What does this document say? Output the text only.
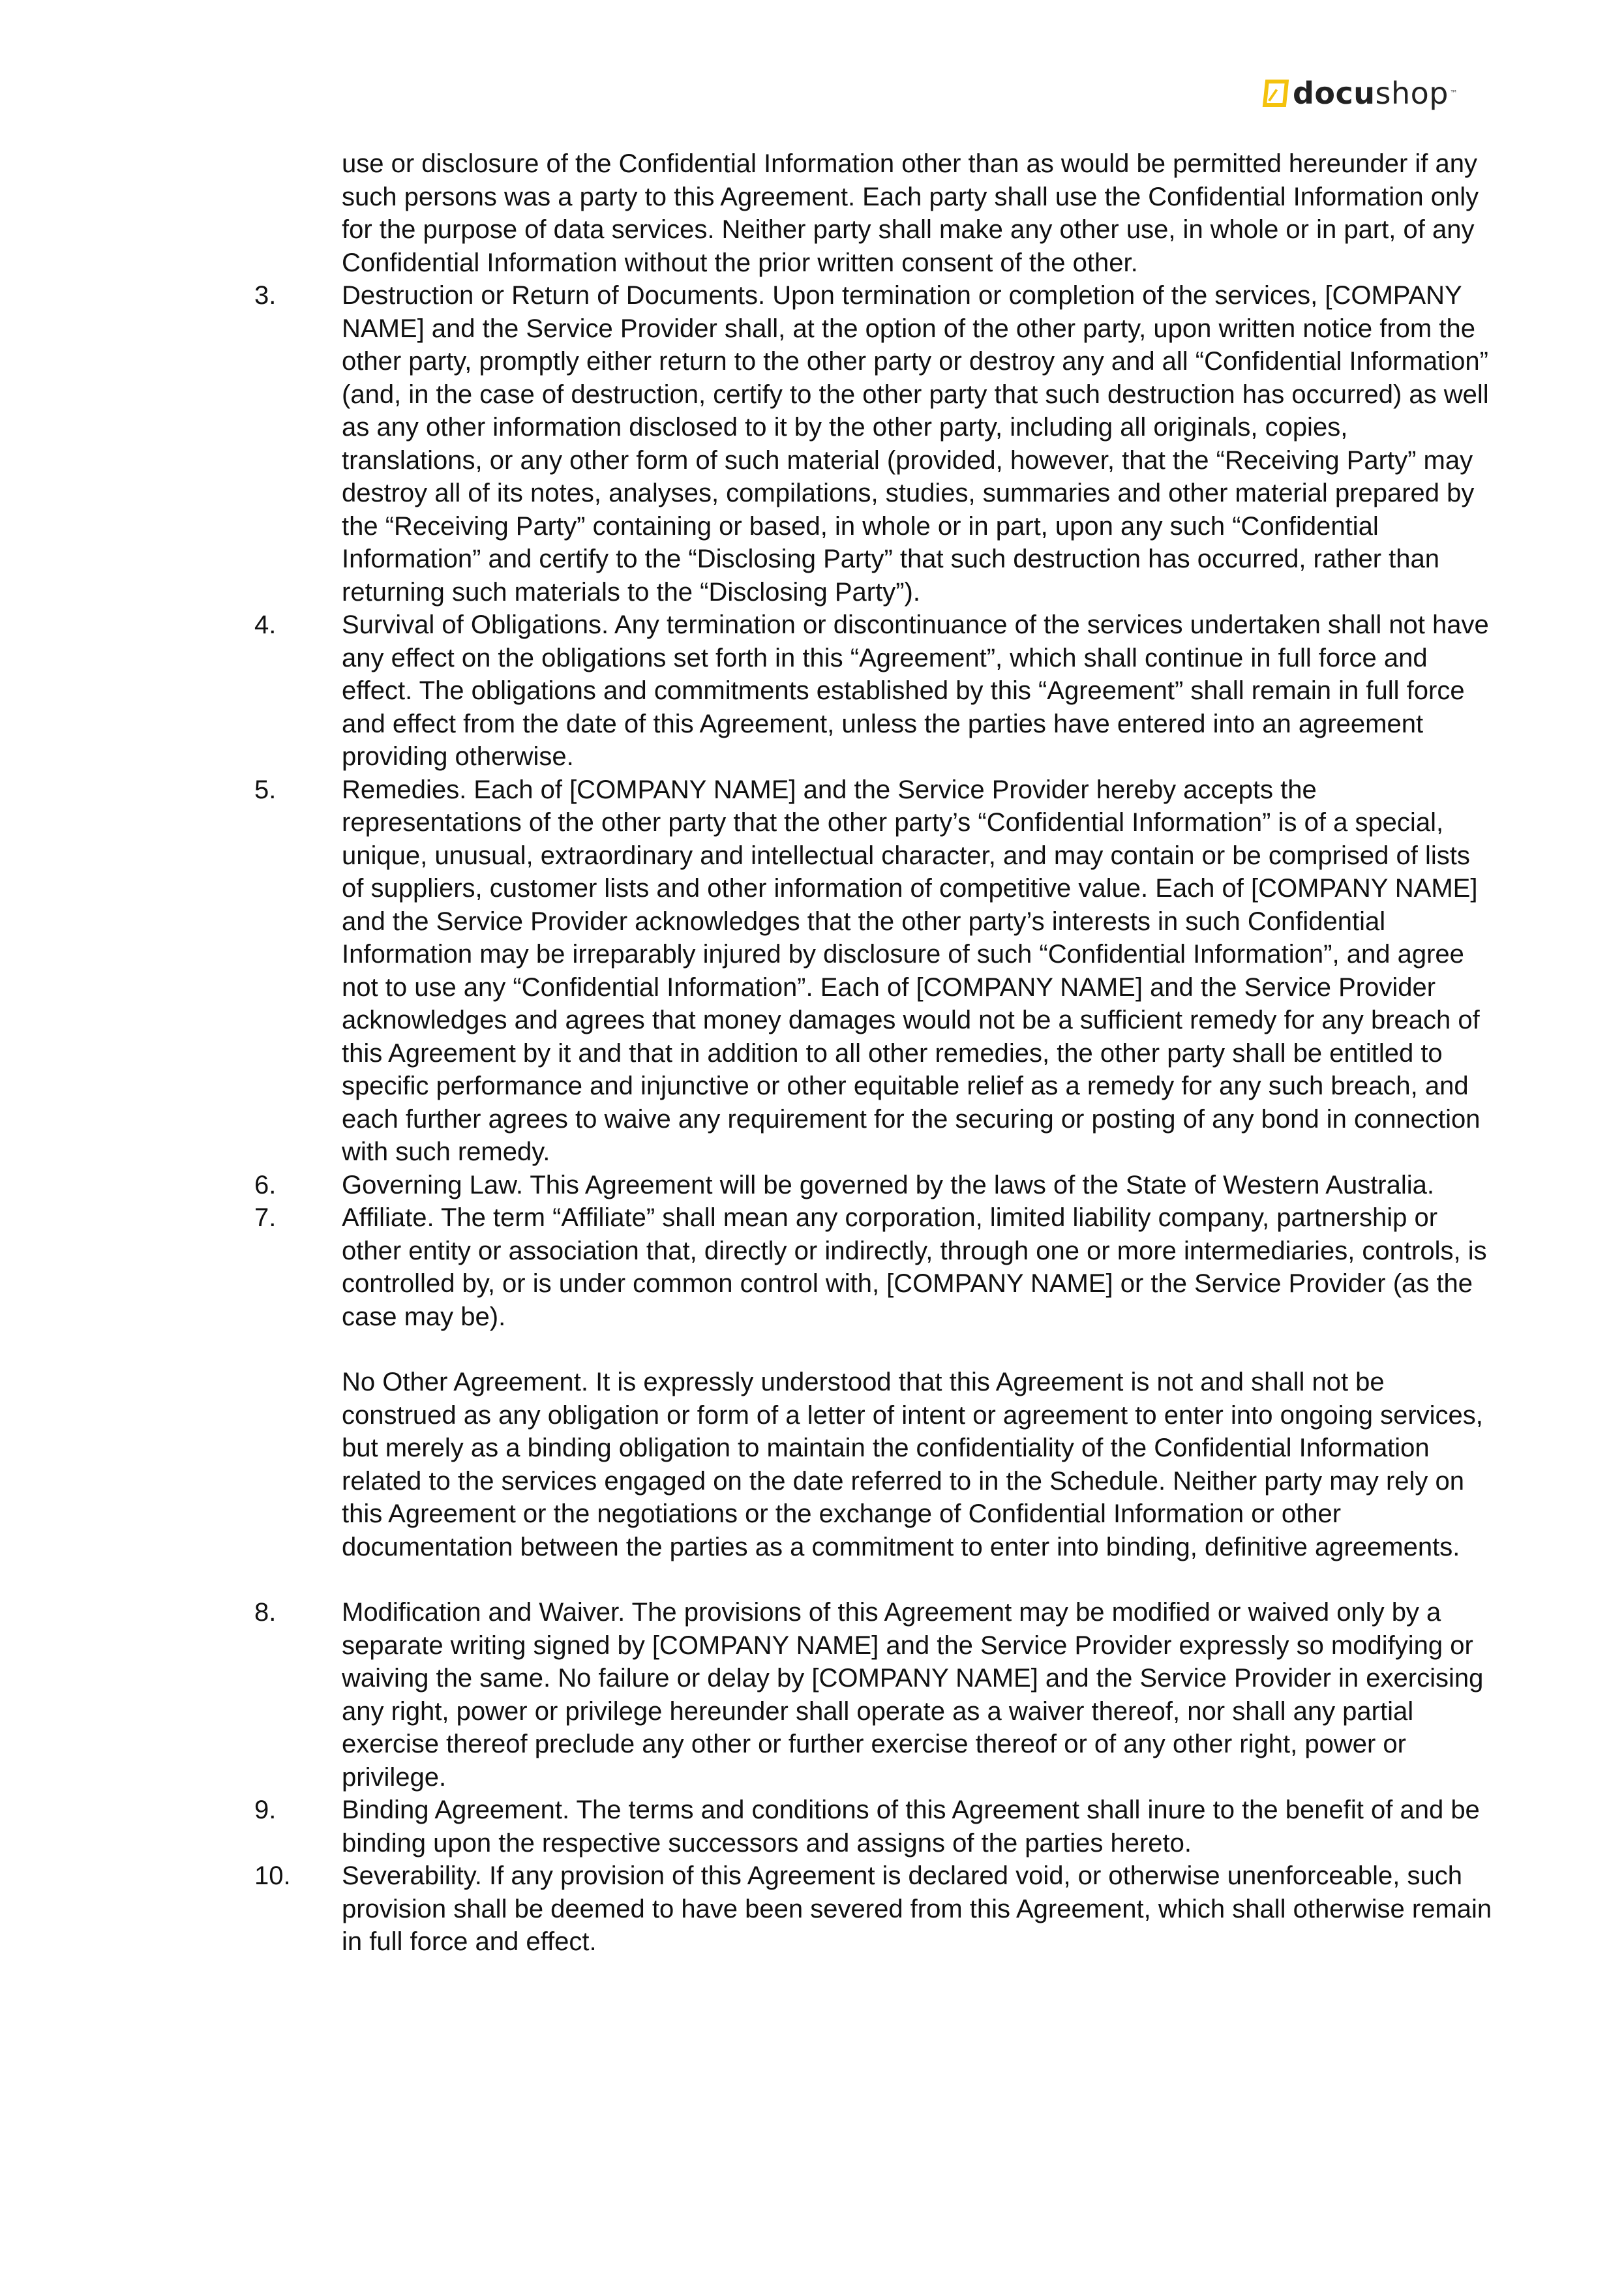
docu shop ™

use or disclosure of the Confidential Information other than as would be permitted hereunder if any such persons was a party to this Agreement. Each party shall use the Confidential Information only for the purpose of data services. Neither party shall make any other use, in whole or in part, of any Confidential Information without the prior written consent of the other.

3.	Destruction or Return of Documents. Upon termination or completion of the services, [COMPANY NAME] and the Service Provider shall, at the option of the other party, upon written notice from the other party, promptly either return to the other party or destroy any and all “Confidential Information” (and, in the case of destruction, certify to the other party that such destruction has occurred) as well as any other information disclosed to it by the other party, including all originals, copies, translations, or any other form of such material (provided, however, that the “Receiving Party” may destroy all of its notes, analyses, compilations, studies, summaries and other material prepared by the “Receiving Party” containing or based, in whole or in part, upon any such “Confidential Information” and certify to the “Disclosing Party” that such destruction has occurred, rather than returning such materials to the “Disclosing Party”).

4.	Survival of Obligations. Any termination or discontinuance of the services undertaken shall not have any effect on the obligations set forth in this “Agreement”, which shall continue in full force and effect. The obligations and commitments established by this “Agreement” shall remain in full force and effect from the date of this Agreement, unless the parties have entered into an agreement providing otherwise.

5.	Remedies. Each of [COMPANY NAME] and the Service Provider hereby accepts the representations of the other party that the other party’s “Confidential Information” is of a special, unique, unusual, extraordinary and intellectual character, and may contain or be comprised of lists of suppliers, customer lists and other information of competitive value. Each of [COMPANY NAME] and the Service Provider acknowledges that the other party’s interests in such Confidential Information may be irreparably injured by disclosure of such “Confidential Information”, and agree not to use any “Confidential Information”. Each of [COMPANY NAME] and the Service Provider acknowledges and agrees that money damages would not be a sufficient remedy for any breach of this Agreement by it and that in addition to all other remedies, the other party shall be entitled to specific performance and injunctive or other equitable relief as a remedy for any such breach, and each further agrees to waive any requirement for the securing or posting of any bond in connection with such remedy.

6.	Governing Law. This Agreement will be governed by the laws of the State of Western Australia.

7.	Affiliate. The term “Affiliate” shall mean any corporation, limited liability company, partnership or other entity or association that, directly or indirectly, through one or more intermediaries, controls, is controlled by, or is under common control with, [COMPANY NAME] or the Service Provider (as the case may be).

No Other Agreement. It is expressly understood that this Agreement is not and shall not be construed as any obligation or form of a letter of intent or agreement to enter into ongoing services, but merely as a binding obligation to maintain the confidentiality of the Confidential Information related to the services engaged on the date referred to in the Schedule. Neither party may rely on this Agreement or the negotiations or the exchange of Confidential Information or other documentation between the parties as a commitment to enter into binding, definitive agreements.

8.	Modification and Waiver. The provisions of this Agreement may be modified or waived only by a separate writing signed by [COMPANY NAME] and the Service Provider expressly so modifying or waiving the same. No failure or delay by [COMPANY NAME] and the Service Provider in exercising any right, power or privilege hereunder shall operate as a waiver thereof, nor shall any partial exercise thereof preclude any other or further exercise thereof or of any other right, power or privilege.

9.	Binding Agreement. The terms and conditions of this Agreement shall inure to the benefit of and be binding upon the respective successors and assigns of the parties hereto.

10. Severability. If any provision of this Agreement is declared void, or otherwise unenforceable, such provision shall be deemed to have been severed from this Agreement, which shall otherwise remain in full force and effect.
